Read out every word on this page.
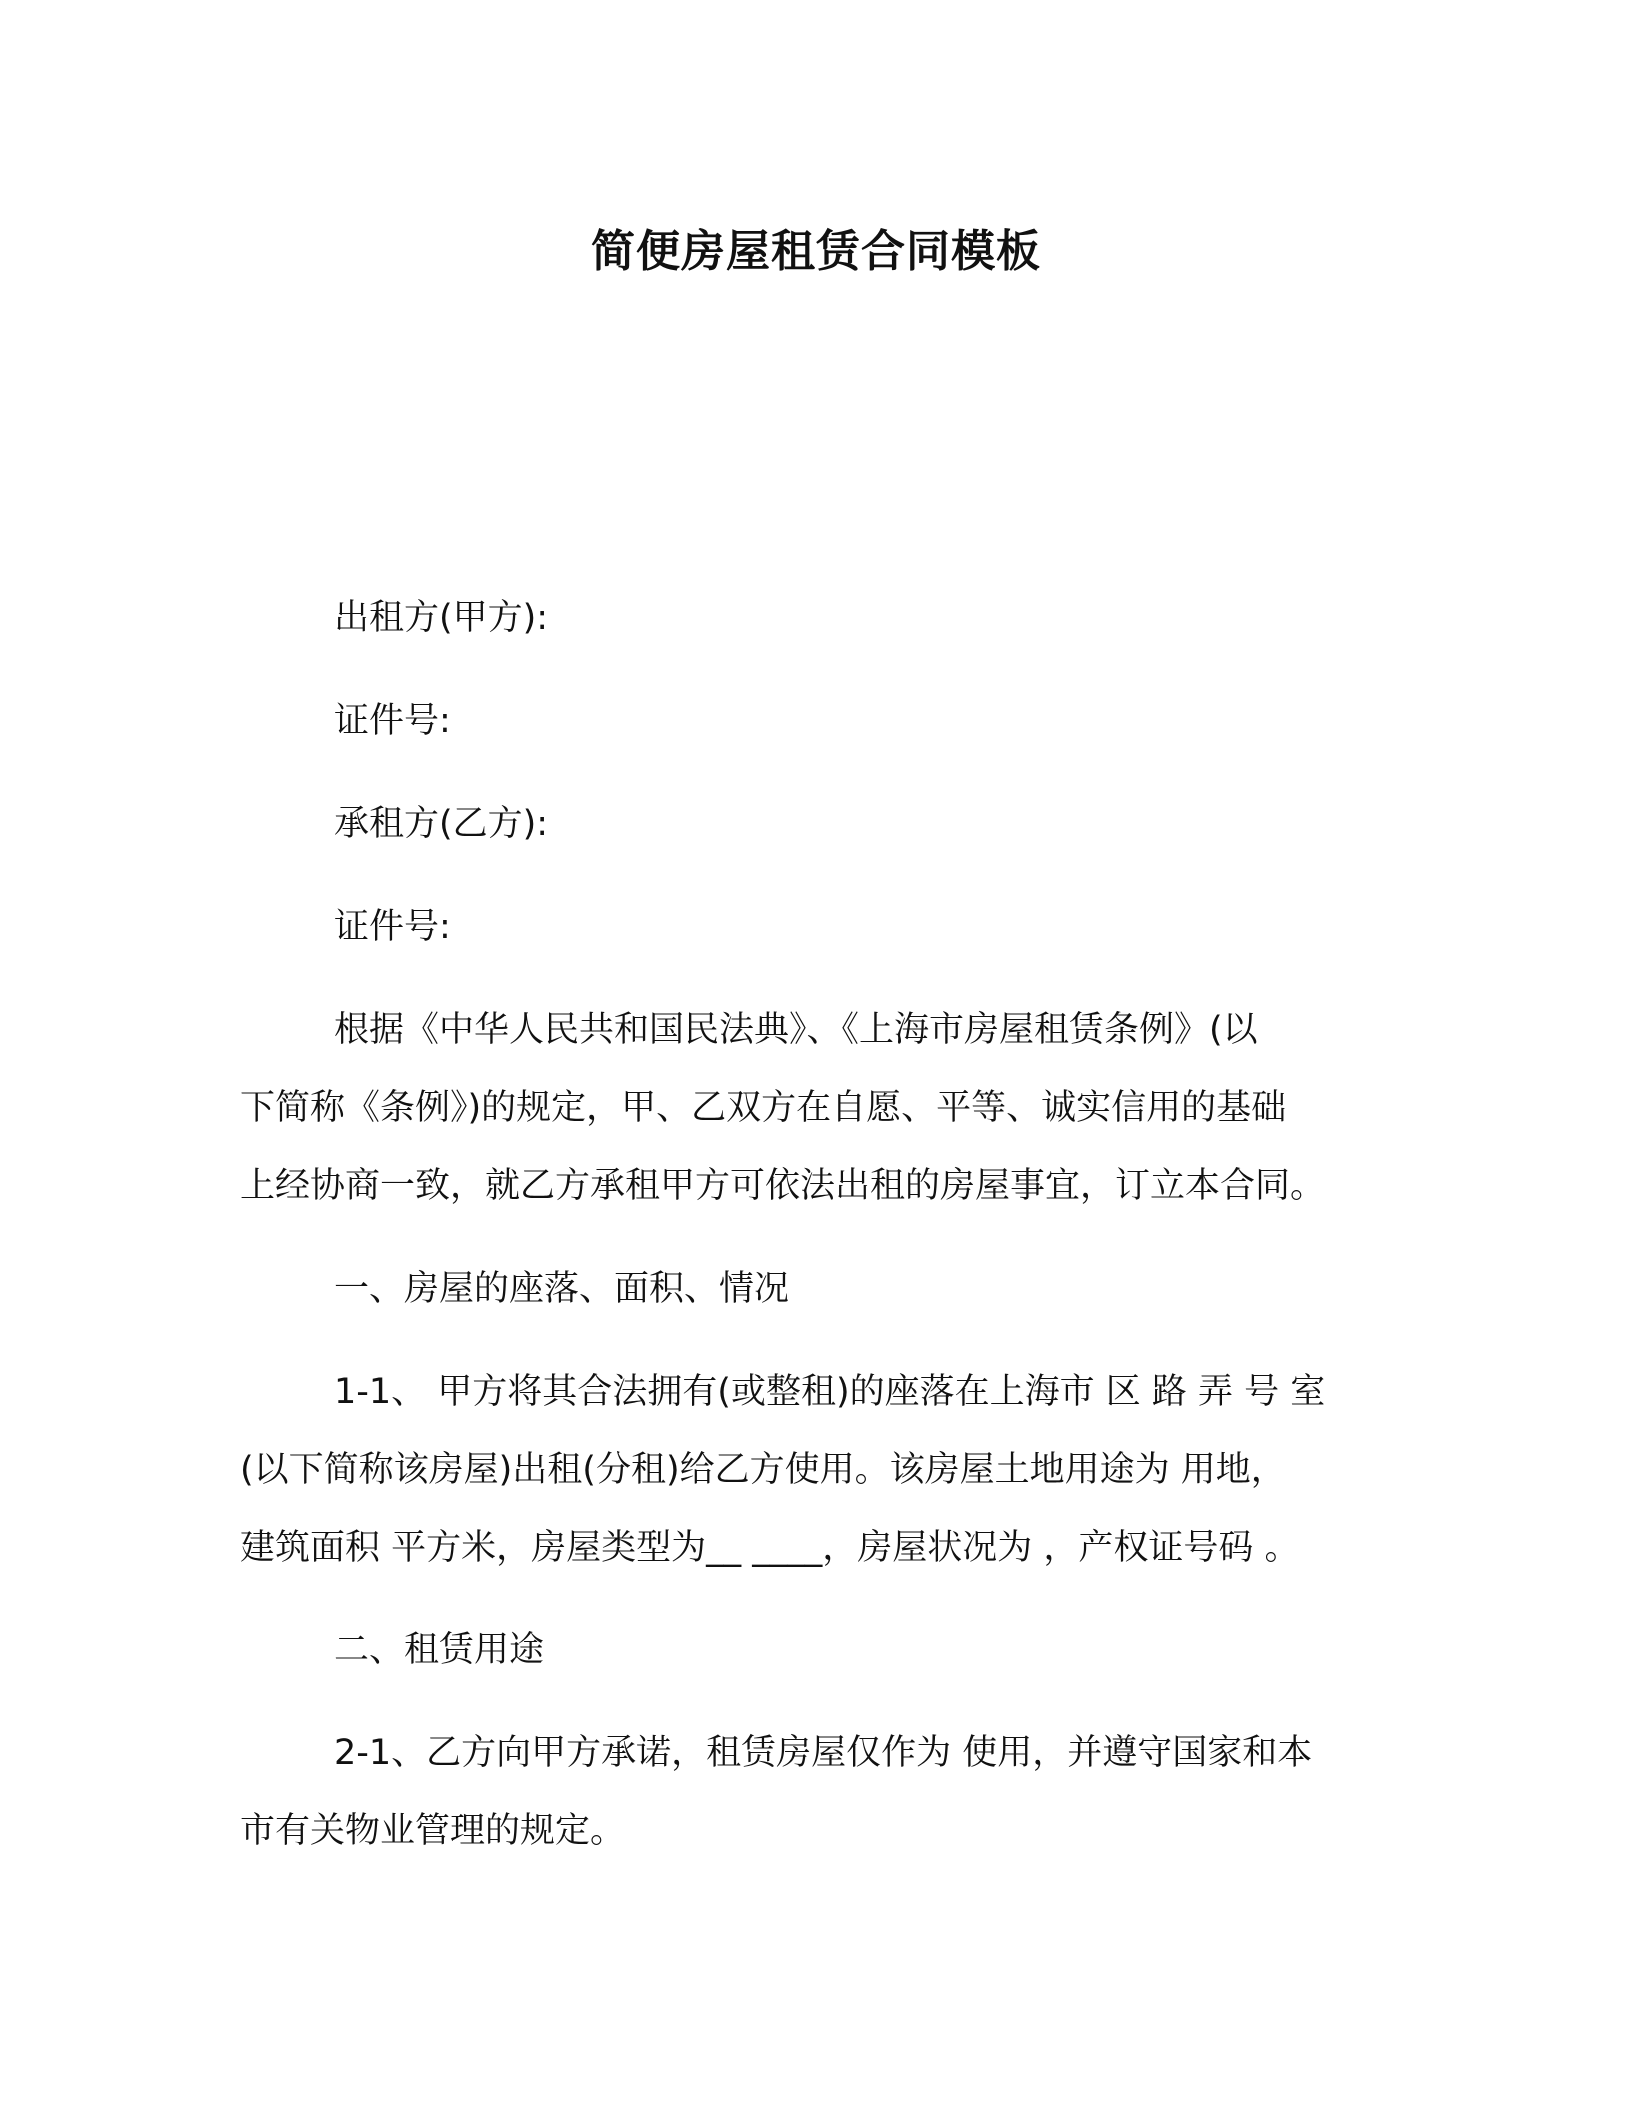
简便房屋租赁合同模板

出租方(甲方):

证件号:

承租方(乙方):

证件号:

根据《中华人民共和国民法典》、《上海市房屋租赁条例》(以

下简称《条例》)的规定，甲、乙双方在自愿、平等、诚实信用的基础

上经协商一致，就乙方承租甲方可依法出租的房屋事宜，订立本合同。

一、房屋的座落、面积、情况

1-1、 甲方将其合法拥有(或整租)的座落在上海市 区 路 弄 号 室

(以下简称该房屋)出租(分租)给乙方使用。该房屋土地用途为 用地，

建筑面积 平方米，房屋类型为__ ____，房屋状况为 ，产权证号码 。

二、租赁用途

2-1、乙方向甲方承诺，租赁房屋仅作为 使用，并遵守国家和本

市有关物业管理的规定。
